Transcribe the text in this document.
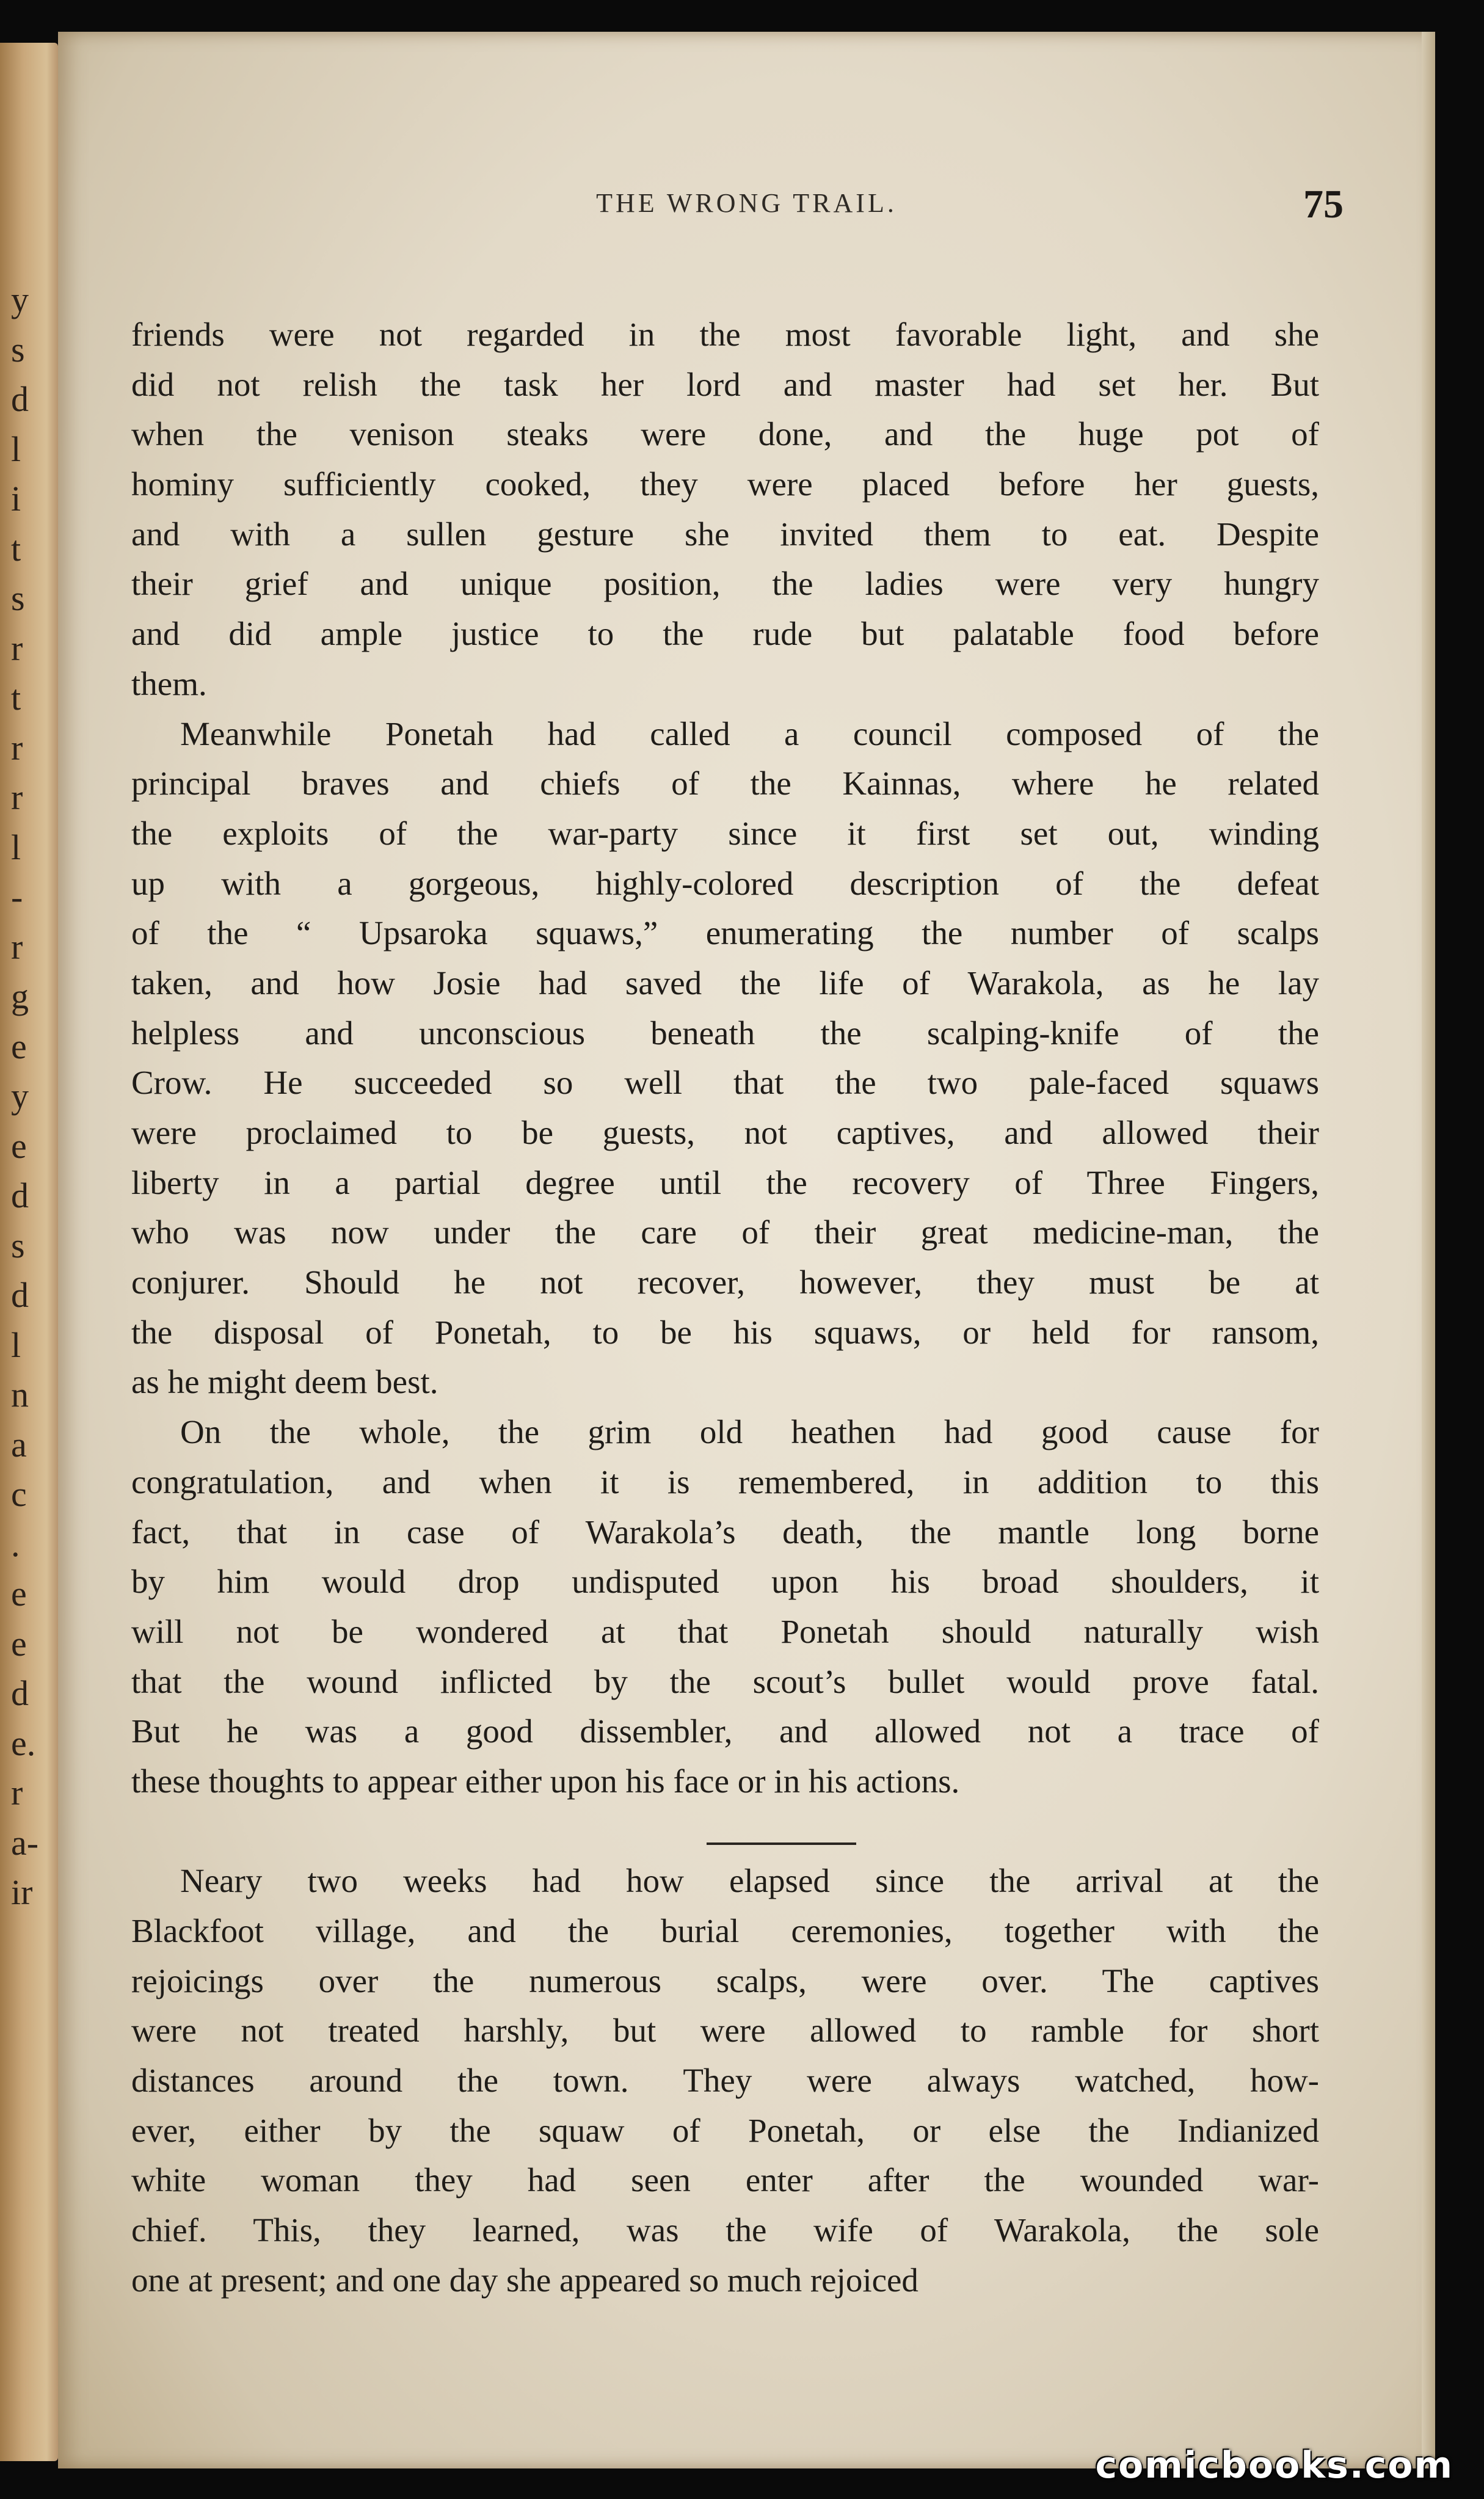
y
s
d
l
i
t
s
r
t
r
r
l
-
r
g
e
y
e
d
s
d
l
n
a
c
.
e
e
d
e.
r
a-
ir
THE WRONG TRAIL.	75
friends were not regarded in the most favorable light, and she
did not relish the task her lord and master had set her. But
when the venison steaks were done, and the huge pot of
hominy sufficiently cooked, they were placed before her guests,
and with a sullen gesture she invited them to eat. Despite
their grief and unique position, the ladies were very hungry
and did ample justice to the rude but palatable food before
them.
Meanwhile Ponetah had called a council composed of the
principal braves and chiefs of the Kainnas, where he related
the exploits of the war-party since it first set out, winding
up with a gorgeous, highly-colored description of the defeat
of the “ Upsaroka squaws,” enumerating the number of scalps
taken, and how Josie had saved the life of Warakola, as he lay
helpless and unconscious beneath the scalping-knife of the
Crow. He succeeded so well that the two pale-faced squaws
were proclaimed to be guests, not captives, and allowed their
liberty in a partial degree until the recovery of Three Fingers,
who was now under the care of their great medicine-man, the
conjurer. Should he not recover, however, they must be at
the disposal of Ponetah, to be his squaws, or held for ransom,
as he might deem best.
On the whole, the grim old heathen had good cause for
congratulation, and when it is remembered, in addition to this
fact, that in case of Warakola’s death, the mantle long borne
by him would drop undisputed upon his broad shoulders, it
will not be wondered at that Ponetah should naturally wish
that the wound inflicted by the scout’s bullet would prove fatal.
But he was a good dissembler, and allowed not a trace of
these thoughts to appear either upon his face or in his actions.
Neary two weeks had how elapsed since the arrival at the
Blackfoot village, and the burial ceremonies, together with the
rejoicings over the numerous scalps, were over. The captives
were not treated harshly, but were allowed to ramble for short
distances around the town. They were always watched, how-
ever, either by the squaw of Ponetah, or else the Indianized
white woman they had seen enter after the wounded war-
chief. This, they learned, was the wife of Warakola, the sole
one at present; and one day she appeared so much rejoiced
comicbooks.com
